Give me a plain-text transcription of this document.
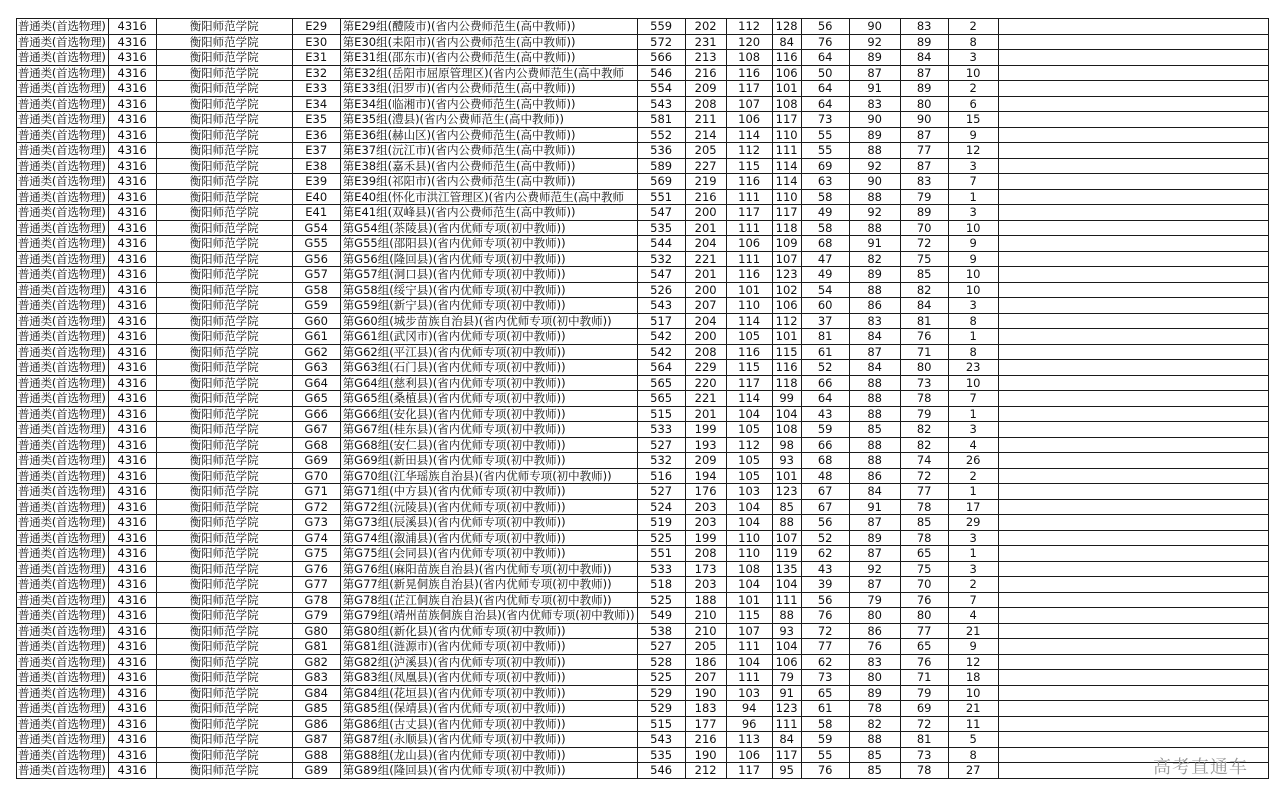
普通类(首选物理)	4316	衡阳师范学院	E29	第E29组(醴陵市)(省内公费师范生(高中教师))	559	202	112	128	56	90	83	2	
普通类(首选物理)	4316	衡阳师范学院	E30	第E30组(耒阳市)(省内公费师范生(高中教师))	572	231	120	84	76	92	89	8	
普通类(首选物理)	4316	衡阳师范学院	E31	第E31组(邵东市)(省内公费师范生(高中教师))	566	213	108	116	64	89	84	3	
普通类(首选物理)	4316	衡阳师范学院	E32	第E32组(岳阳市屈原管理区)(省内公费师范生(高中教师	546	216	116	106	50	87	87	10	
普通类(首选物理)	4316	衡阳师范学院	E33	第E33组(汨罗市)(省内公费师范生(高中教师))	554	209	117	101	64	91	89	2	
普通类(首选物理)	4316	衡阳师范学院	E34	第E34组(临湘市)(省内公费师范生(高中教师))	543	208	107	108	64	83	80	6	
普通类(首选物理)	4316	衡阳师范学院	E35	第E35组(澧县)(省内公费师范生(高中教师))	581	211	106	117	73	90	90	15	
普通类(首选物理)	4316	衡阳师范学院	E36	第E36组(赫山区)(省内公费师范生(高中教师))	552	214	114	110	55	89	87	9	
普通类(首选物理)	4316	衡阳师范学院	E37	第E37组(沅江市)(省内公费师范生(高中教师))	536	205	112	111	55	88	77	12	
普通类(首选物理)	4316	衡阳师范学院	E38	第E38组(嘉禾县)(省内公费师范生(高中教师))	589	227	115	114	69	92	87	3	
普通类(首选物理)	4316	衡阳师范学院	E39	第E39组(祁阳市)(省内公费师范生(高中教师))	569	219	116	114	63	90	83	7	
普通类(首选物理)	4316	衡阳师范学院	E40	第E40组(怀化市洪江管理区)(省内公费师范生(高中教师	551	216	111	110	58	88	79	1	
普通类(首选物理)	4316	衡阳师范学院	E41	第E41组(双峰县)(省内公费师范生(高中教师))	547	200	117	117	49	92	89	3	
普通类(首选物理)	4316	衡阳师范学院	G54	第G54组(茶陵县)(省内优师专项(初中教师))	535	201	111	118	58	88	70	10	
普通类(首选物理)	4316	衡阳师范学院	G55	第G55组(邵阳县)(省内优师专项(初中教师))	544	204	106	109	68	91	72	9	
普通类(首选物理)	4316	衡阳师范学院	G56	第G56组(隆回县)(省内优师专项(初中教师))	532	221	111	107	47	82	75	9	
普通类(首选物理)	4316	衡阳师范学院	G57	第G57组(洞口县)(省内优师专项(初中教师))	547	201	116	123	49	89	85	10	
普通类(首选物理)	4316	衡阳师范学院	G58	第G58组(绥宁县)(省内优师专项(初中教师))	526	200	101	102	54	88	82	10	
普通类(首选物理)	4316	衡阳师范学院	G59	第G59组(新宁县)(省内优师专项(初中教师))	543	207	110	106	60	86	84	3	
普通类(首选物理)	4316	衡阳师范学院	G60	第G60组(城步苗族自治县)(省内优师专项(初中教师))	517	204	114	112	37	83	81	8	
普通类(首选物理)	4316	衡阳师范学院	G61	第G61组(武冈市)(省内优师专项(初中教师))	542	200	105	101	81	84	76	1	
普通类(首选物理)	4316	衡阳师范学院	G62	第G62组(平江县)(省内优师专项(初中教师))	542	208	116	115	61	87	71	8	
普通类(首选物理)	4316	衡阳师范学院	G63	第G63组(石门县)(省内优师专项(初中教师))	564	229	115	116	52	84	80	23	
普通类(首选物理)	4316	衡阳师范学院	G64	第G64组(慈利县)(省内优师专项(初中教师))	565	220	117	118	66	88	73	10	
普通类(首选物理)	4316	衡阳师范学院	G65	第G65组(桑植县)(省内优师专项(初中教师))	565	221	114	99	64	88	78	7	
普通类(首选物理)	4316	衡阳师范学院	G66	第G66组(安化县)(省内优师专项(初中教师))	515	201	104	104	43	88	79	1	
普通类(首选物理)	4316	衡阳师范学院	G67	第G67组(桂东县)(省内优师专项(初中教师))	533	199	105	108	59	85	82	3	
普通类(首选物理)	4316	衡阳师范学院	G68	第G68组(安仁县)(省内优师专项(初中教师))	527	193	112	98	66	88	82	4	
普通类(首选物理)	4316	衡阳师范学院	G69	第G69组(新田县)(省内优师专项(初中教师))	532	209	105	93	68	88	74	26	
普通类(首选物理)	4316	衡阳师范学院	G70	第G70组(江华瑶族自治县)(省内优师专项(初中教师))	516	194	105	101	48	86	72	2	
普通类(首选物理)	4316	衡阳师范学院	G71	第G71组(中方县)(省内优师专项(初中教师))	527	176	103	123	67	84	77	1	
普通类(首选物理)	4316	衡阳师范学院	G72	第G72组(沅陵县)(省内优师专项(初中教师))	524	203	104	85	67	91	78	17	
普通类(首选物理)	4316	衡阳师范学院	G73	第G73组(辰溪县)(省内优师专项(初中教师))	519	203	104	88	56	87	85	29	
普通类(首选物理)	4316	衡阳师范学院	G74	第G74组(溆浦县)(省内优师专项(初中教师))	525	199	110	107	52	89	78	3	
普通类(首选物理)	4316	衡阳师范学院	G75	第G75组(会同县)(省内优师专项(初中教师))	551	208	110	119	62	87	65	1	
普通类(首选物理)	4316	衡阳师范学院	G76	第G76组(麻阳苗族自治县)(省内优师专项(初中教师))	533	173	108	135	43	92	75	3	
普通类(首选物理)	4316	衡阳师范学院	G77	第G77组(新晃侗族自治县)(省内优师专项(初中教师))	518	203	104	104	39	87	70	2	
普通类(首选物理)	4316	衡阳师范学院	G78	第G78组(芷江侗族自治县)(省内优师专项(初中教师))	525	188	101	111	56	79	76	7	
普通类(首选物理)	4316	衡阳师范学院	G79	第G79组(靖州苗族侗族自治县)(省内优师专项(初中教师))	549	210	115	88	76	80	80	4	
普通类(首选物理)	4316	衡阳师范学院	G80	第G80组(新化县)(省内优师专项(初中教师))	538	210	107	93	72	86	77	21	
普通类(首选物理)	4316	衡阳师范学院	G81	第G81组(涟源市)(省内优师专项(初中教师))	527	205	111	104	77	76	65	9	
普通类(首选物理)	4316	衡阳师范学院	G82	第G82组(泸溪县)(省内优师专项(初中教师))	528	186	104	106	62	83	76	12	
普通类(首选物理)	4316	衡阳师范学院	G83	第G83组(凤凰县)(省内优师专项(初中教师))	525	207	111	79	73	80	71	18	
普通类(首选物理)	4316	衡阳师范学院	G84	第G84组(花垣县)(省内优师专项(初中教师))	529	190	103	91	65	89	79	10	
普通类(首选物理)	4316	衡阳师范学院	G85	第G85组(保靖县)(省内优师专项(初中教师))	529	183	94	123	61	78	69	21	
普通类(首选物理)	4316	衡阳师范学院	G86	第G86组(古丈县)(省内优师专项(初中教师))	515	177	96	111	58	82	72	11	
普通类(首选物理)	4316	衡阳师范学院	G87	第G87组(永顺县)(省内优师专项(初中教师))	543	216	113	84	59	88	81	5	
普通类(首选物理)	4316	衡阳师范学院	G88	第G88组(龙山县)(省内优师专项(初中教师))	535	190	106	117	55	85	73	8	
普通类(首选物理)	4316	衡阳师范学院	G89	第G89组(隆回县)(省内优师专项(初中教师))	546	212	117	95	76	85	78	27		高考直通车
